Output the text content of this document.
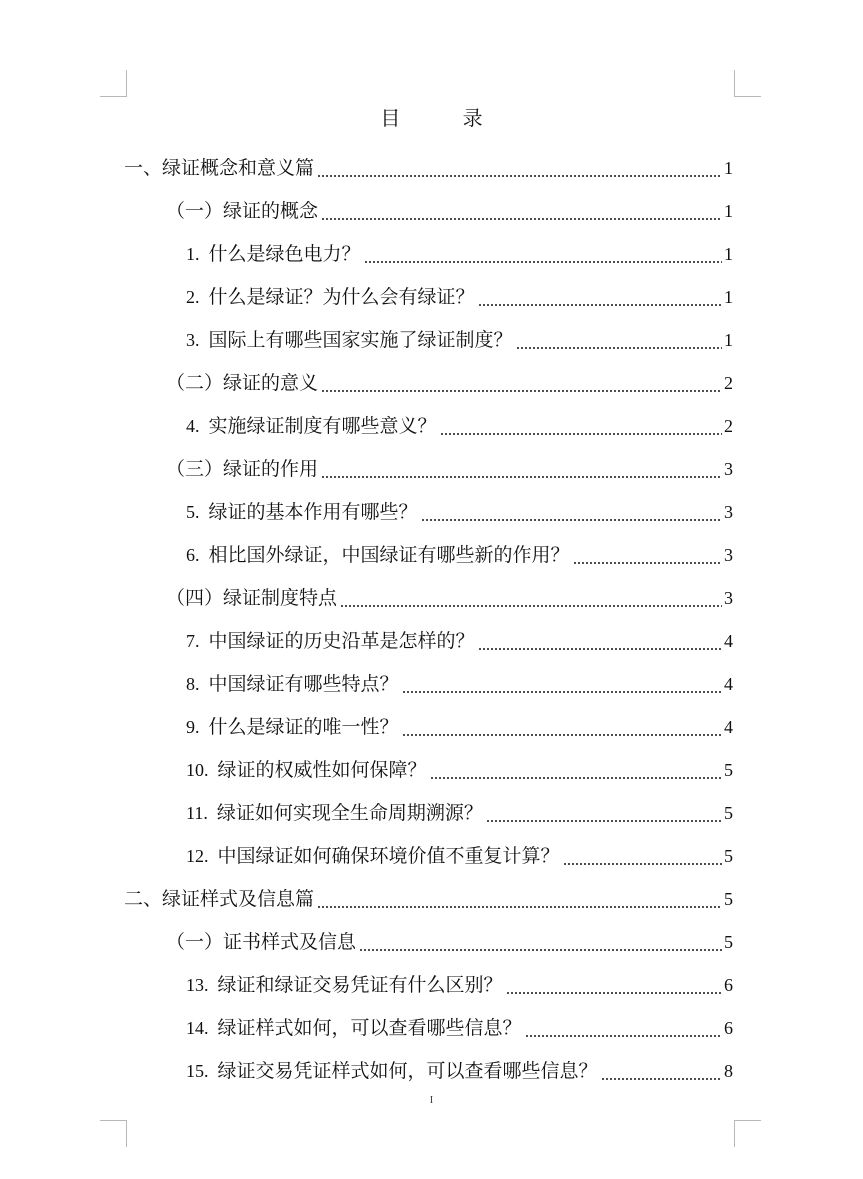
目 录
一、绿证概念和意义篇	1
（一）绿证的概念	1
1. 什么是绿色电力？	1
2. 什么是绿证？为什么会有绿证？	1
3. 国际上有哪些国家实施了绿证制度？	1
（二）绿证的意义	2
4. 实施绿证制度有哪些意义？	2
（三）绿证的作用	3
5. 绿证的基本作用有哪些？	3
6. 相比国外绿证，中国绿证有哪些新的作用？	3
（四）绿证制度特点	3
7. 中国绿证的历史沿革是怎样的？	4
8. 中国绿证有哪些特点？	4
9. 什么是绿证的唯一性？	4
10. 绿证的权威性如何保障？	5
11. 绿证如何实现全生命周期溯源？	5
12. 中国绿证如何确保环境价值不重复计算？	5
二、绿证样式及信息篇	5
（一）证书样式及信息	5
13. 绿证和绿证交易凭证有什么区别？	6
14. 绿证样式如何，可以查看哪些信息？	6
15. 绿证交易凭证样式如何，可以查看哪些信息？	8
I
